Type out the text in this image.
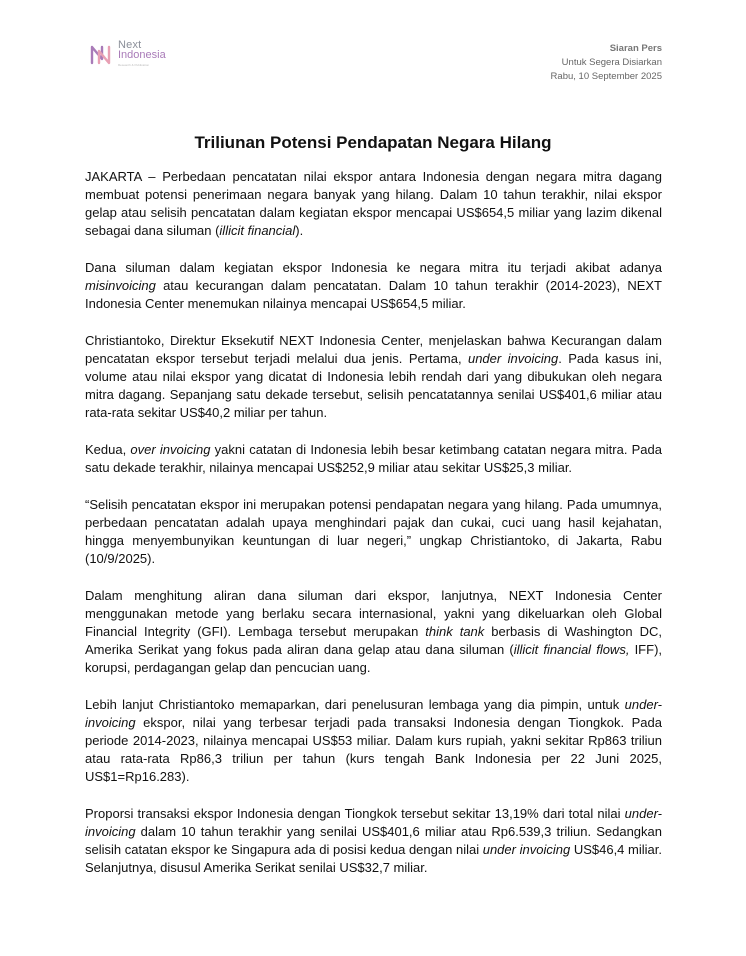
Next
Indonesia
Research & Publication
Siaran Pers
Untuk Segera Disiarkan
Rabu, 10 September 2025
Triliunan Potensi Pendapatan Negara Hilang

JAKARTA – Perbedaan pencatatan nilai ekspor antara Indonesia dengan negara mitra dagang membuat potensi penerimaan negara banyak yang hilang. Dalam 10 tahun terakhir, nilai ekspor gelap atau selisih pencatatan dalam kegiatan ekspor mencapai US$654,5 miliar yang lazim dikenal sebagai dana siluman (illicit financial).

Dana siluman dalam kegiatan ekspor Indonesia ke negara mitra itu terjadi akibat adanya misinvoicing atau kecurangan dalam pencatatan. Dalam 10 tahun terakhir (2014-2023), NEXT Indonesia Center menemukan nilainya mencapai US$654,5 miliar.

Christiantoko, Direktur Eksekutif NEXT Indonesia Center, menjelaskan bahwa Kecurangan dalam pencatatan ekspor tersebut terjadi melalui dua jenis. Pertama, under invoicing. Pada kasus ini, volume atau nilai ekspor yang dicatat di Indonesia lebih rendah dari yang dibukukan oleh negara mitra dagang. Sepanjang satu dekade tersebut, selisih pencatatannya senilai US$401,6 miliar atau rata-rata sekitar US$40,2 miliar per tahun.

Kedua, over invoicing yakni catatan di Indonesia lebih besar ketimbang catatan negara mitra. Pada satu dekade terakhir, nilainya mencapai US$252,9 miliar atau sekitar US$25,3 miliar.

“Selisih pencatatan ekspor ini merupakan potensi pendapatan negara yang hilang. Pada umumnya, perbedaan pencatatan adalah upaya menghindari pajak dan cukai, cuci uang hasil kejahatan, hingga menyembunyikan keuntungan di luar negeri,” ungkap Christiantoko, di Jakarta, Rabu (10/9/2025).

Dalam menghitung aliran dana siluman dari ekspor, lanjutnya, NEXT Indonesia Center menggunakan metode yang berlaku secara internasional, yakni yang dikeluarkan oleh Global Financial Integrity (GFI). Lembaga tersebut merupakan think tank berbasis di Washington DC, Amerika Serikat yang fokus pada aliran dana gelap atau dana siluman (illicit financial flows, IFF), korupsi, perdagangan gelap dan pencucian uang.

Lebih lanjut Christiantoko memaparkan, dari penelusuran lembaga yang dia pimpin, untuk under-invoicing ekspor, nilai yang terbesar terjadi pada transaksi Indonesia dengan Tiongkok. Pada periode 2014-2023, nilainya mencapai US$53 miliar. Dalam kurs rupiah, yakni sekitar Rp863 triliun atau rata-rata Rp86,3 triliun per tahun (kurs tengah Bank Indonesia per 22 Juni 2025, US$1=Rp16.283).

Proporsi transaksi ekspor Indonesia dengan Tiongkok tersebut sekitar 13,19% dari total nilai under-invoicing dalam 10 tahun terakhir yang senilai US$401,6 miliar atau Rp6.539,3 triliun. Sedangkan selisih catatan ekspor ke Singapura ada di posisi kedua dengan nilai under invoicing US$46,4 miliar. Selanjutnya, disusul Amerika Serikat senilai US$32,7 miliar.
